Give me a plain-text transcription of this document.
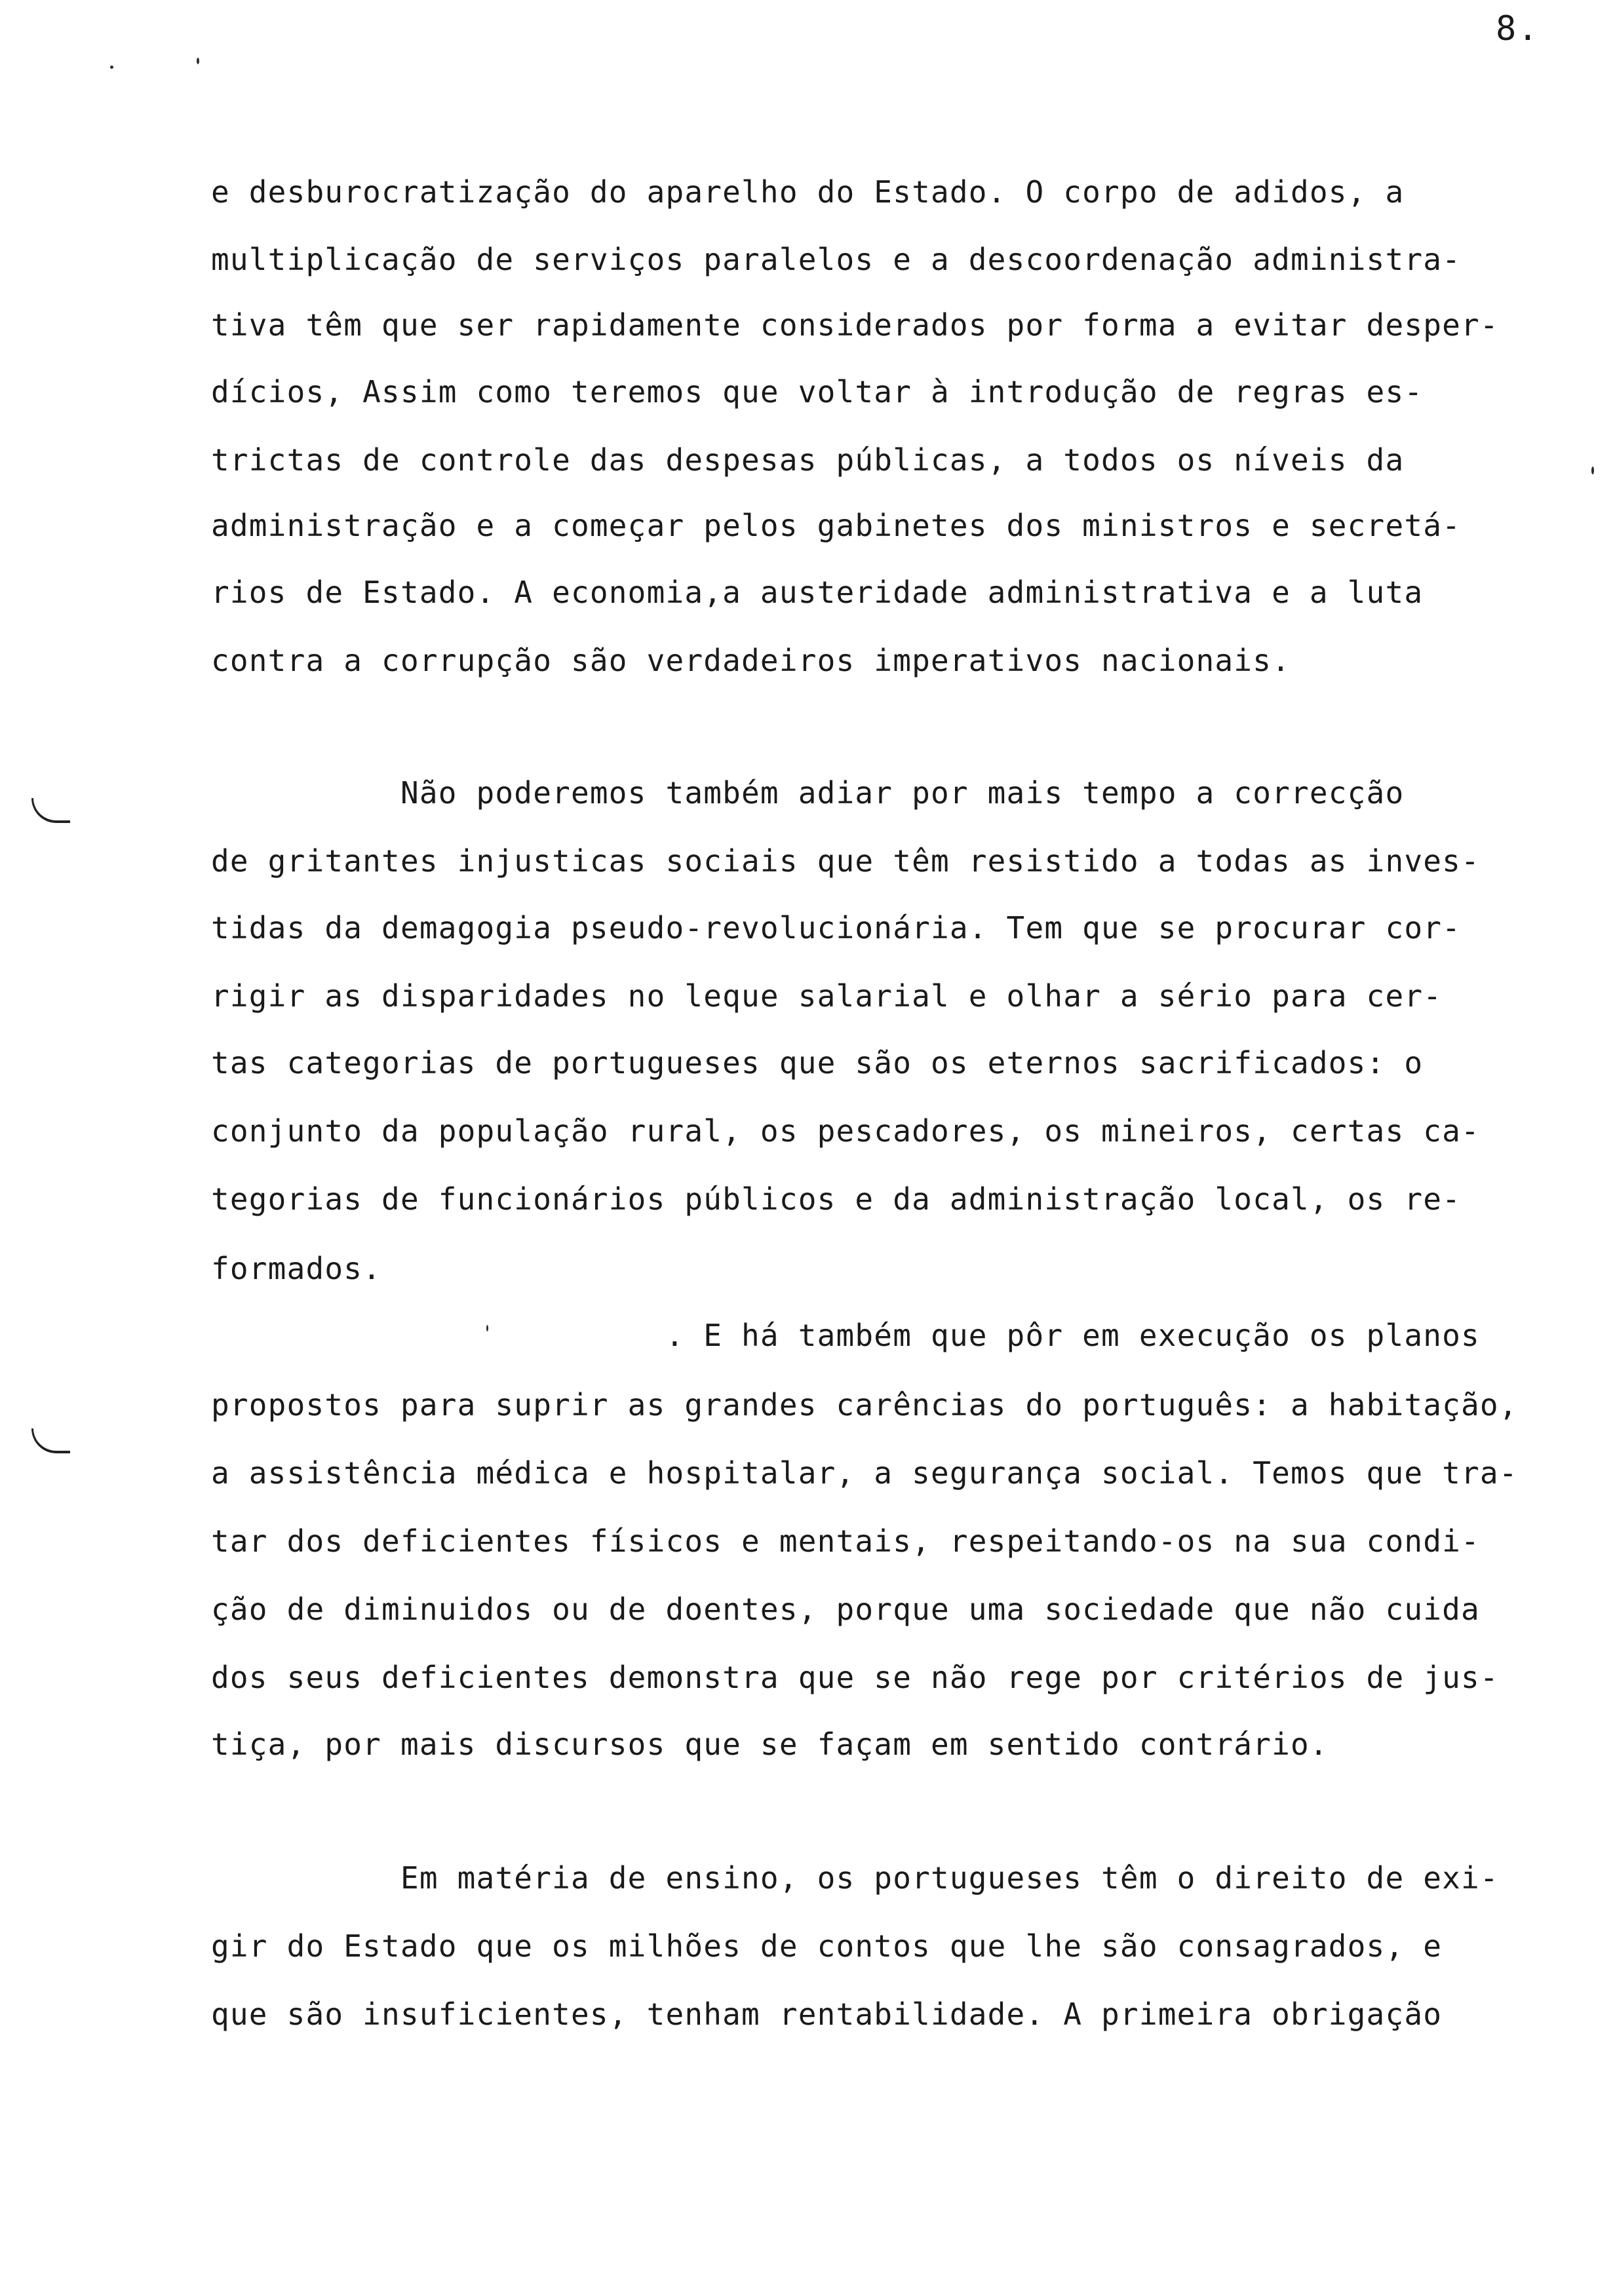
8.

e desburocratização do aparelho do Estado. O corpo de adidos, a

multiplicação de serviços paralelos e a descoordenação administra-

tiva têm que ser rapidamente considerados por forma a evitar desper-

dícios, Assim como teremos que voltar à introdução de regras es-

trictas de controle das despesas públicas, a todos os níveis da

administração e a começar pelos gabinetes dos ministros e secretá-

rios de Estado. A economia,a austeridade administrativa e a luta

contra a corrupção são verdadeiros imperativos nacionais.

Não poderemos também adiar por mais tempo a correcção

de gritantes injusticas sociais que têm resistido a todas as inves-

tidas da demagogia pseudo-revolucionária. Tem que se procurar cor-

rigir as disparidades no leque salarial e olhar a sério para cer-

tas categorias de portugueses que são os eternos sacrificados: o

conjunto da população rural, os pescadores, os mineiros, certas ca-

tegorias de funcionários públicos e da administração local, os re-

formados.

. E há também que pôr em execução os planos

propostos para suprir as grandes carências do português: a habitação,

a assistência médica e hospitalar, a segurança social. Temos que tra-

tar dos deficientes físicos e mentais, respeitando-os na sua condi-

ção de diminuidos ou de doentes, porque uma sociedade que não cuida

dos seus deficientes demonstra que se não rege por critérios de jus-

tiça, por mais discursos que se façam em sentido contrário.

Em matéria de ensino, os portugueses têm o direito de exi-

gir do Estado que os milhões de contos que lhe são consagrados, e

que são insuficientes, tenham rentabilidade. A primeira obrigação
